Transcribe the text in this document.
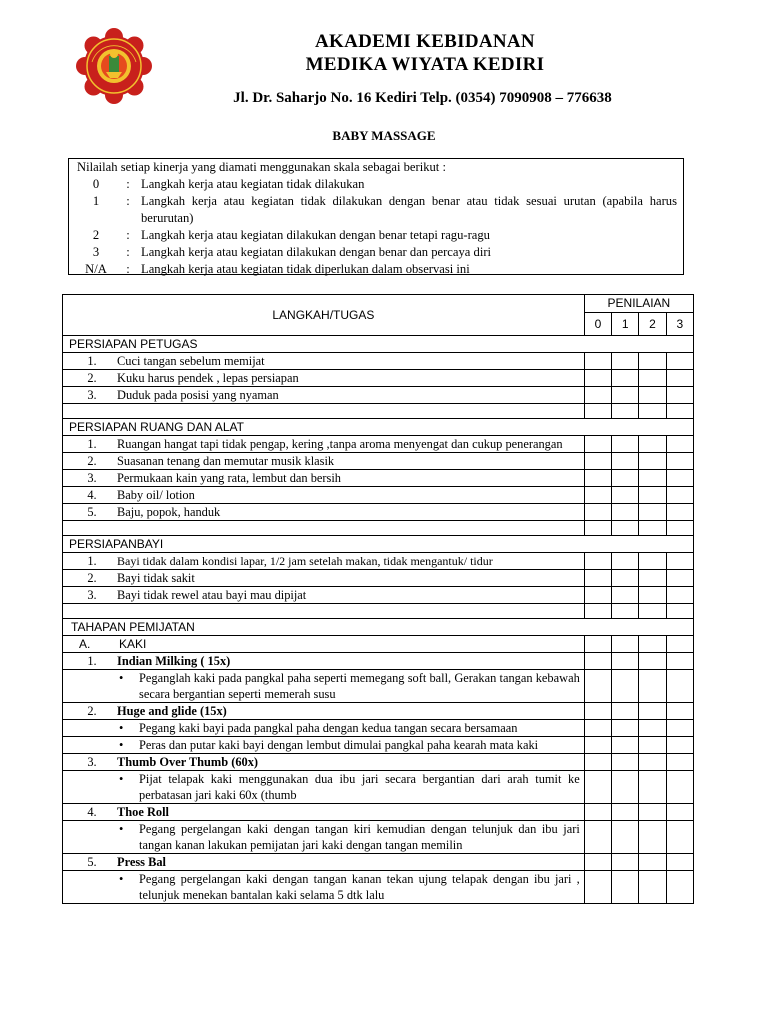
AKADEMI KEBIDANAN
MEDIKA WIYATA KEDIRI
Jl. Dr. Saharjo No. 16 Kediri Telp. (0354) 7090908 – 776638
BABY MASSAGE
Nilailah setiap kinerja yang diamati menggunakan skala sebagai berikut :
0	: Langkah kerja atau kegiatan tidak dilakukan
1	: Langkah kerja atau kegiatan tidak dilakukan dengan benar atau tidak sesuai urutan (apabila harus berurutan)
2	: Langkah kerja atau kegiatan dilakukan dengan benar tetapi ragu-ragu
3	: Langkah kerja atau kegiatan dilakukan dengan benar dan percaya diri
N/A	: Langkah kerja atau kegiatan tidak diperlukan dalam observasi ini
LANGKAH/TUGAS	PENILAIAN			
	0	1	2	3
PERSIAPAN PETUGAS				

1. Cuci tangan sebelum memijat				

2. Kuku harus pendek , lepas persiapan				

3. Duduk pada posisi yang nyaman				

PERSIAPAN RUANG DAN ALAT				

1. Ruangan hangat tapi tidak pengap, kering ,tanpa aroma menyengat dan cukup penerangan				

2. Suasanan tenang dan memutar musik klasik				

3. Permukaan kain yang rata, lembut dan bersih				

4. Baby oil/ lotion				

5. Baju, popok, handuk				

PERSIAPANBAYI				

1. Bayi tidak dalam kondisi lapar, 1/2 jam setelah makan, tidak mengantuk/ tidur				

2. Bayi tidak sakit				

3. Bayi tidak rewel atau bayi mau dipijat				

TAHAPAN PEMIJATAN				
A. KAKI				

1. Indian Milking ( 15x)				

• Peganglah kaki pada pangkal paha seperti memegang soft ball, Gerakan tangan kebawah secara bergantian seperti memerah susu				

2. Huge and glide (15x)				

• Pegang kaki bayi pada pangkal paha dengan kedua tangan secara bersamaan				

• Peras dan putar kaki bayi dengan lembut dimulai pangkal paha kearah mata kaki				

3. Thumb Over Thumb (60x)				

• Pijat telapak kaki menggunakan dua ibu jari secara bergantian dari arah tumit ke perbatasan jari kaki 60x (thumb				

4. Thoe Roll				

• Pegang pergelangan kaki dengan tangan kiri kemudian dengan telunjuk dan ibu jari tangan kanan lakukan pemijatan jari kaki dengan tangan memilin				

5. Press Bal				

• Pegang pergelangan kaki dengan tangan kanan tekan ujung telapak dengan ibu jari , telunjuk menekan bantalan kaki selama 5 dtk lalu				
